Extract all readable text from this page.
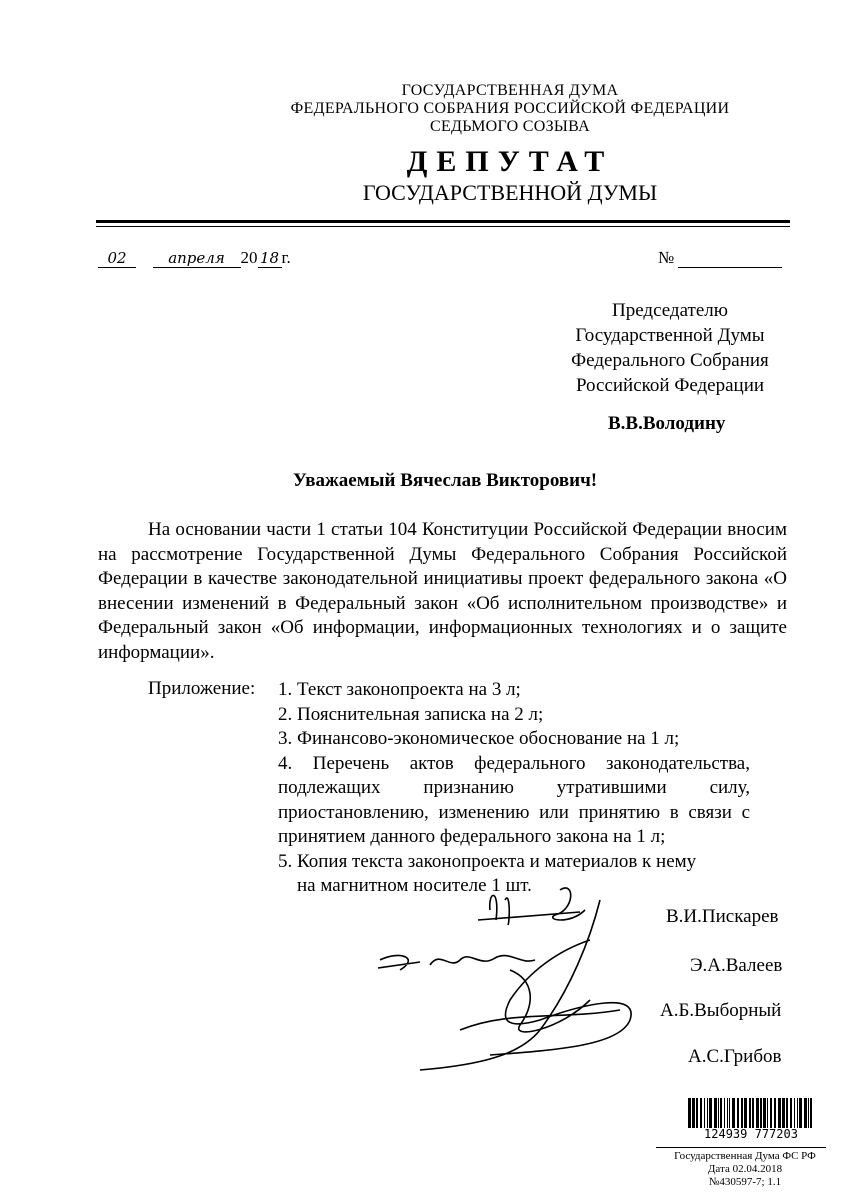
ГОСУДАРСТВЕННАЯ ДУМА
ФЕДЕРАЛЬНОГО СОБРАНИЯ РОССИЙСКОЙ ФЕДЕРАЦИИ
СЕДЬМОГО СОЗЫВА
ДЕПУТАТ
ГОСУДАРСТВЕННОЙ ДУМЫ
02	апреля 20 18 г.	№
Председателю
Государственной Думы
Федерального Собрания
Российской Федерации
В.В.Володину
Уважаемый Вячеслав Викторович!

На основании части 1 статьи 104 Конституции Российской Федерации вносим на рассмотрение Государственной Думы Федерального Собрания Российской Федерации в качестве законодательной инициативы проект федерального закона «О внесении изменений в Федеральный закон «Об исполнительном производстве» и Федеральный закон «Об информации, информационных технологиях и о защите информации».

Приложение: 1. Текст законопроекта на 3 л;
2. Пояснительная записка на 2 л;
3. Финансово-экономическое обоснование на 1 л;
4. Перечень актов федерального законодательства, подлежащих признанию утратившими силу, приостановлению, изменению или принятию в связи с принятием данного федерального закона на 1 л;
5. Копия текста законопроекта и материалов к нему
на магнитном носителе 1 шт.
В.И.Пискарев
Э.А.Валеев
А.Б.Выборный
А.С.Грибов
124939 777203
Государственная Дума ФС РФ
Дата 02.04.2018
№430597-7; 1.1
